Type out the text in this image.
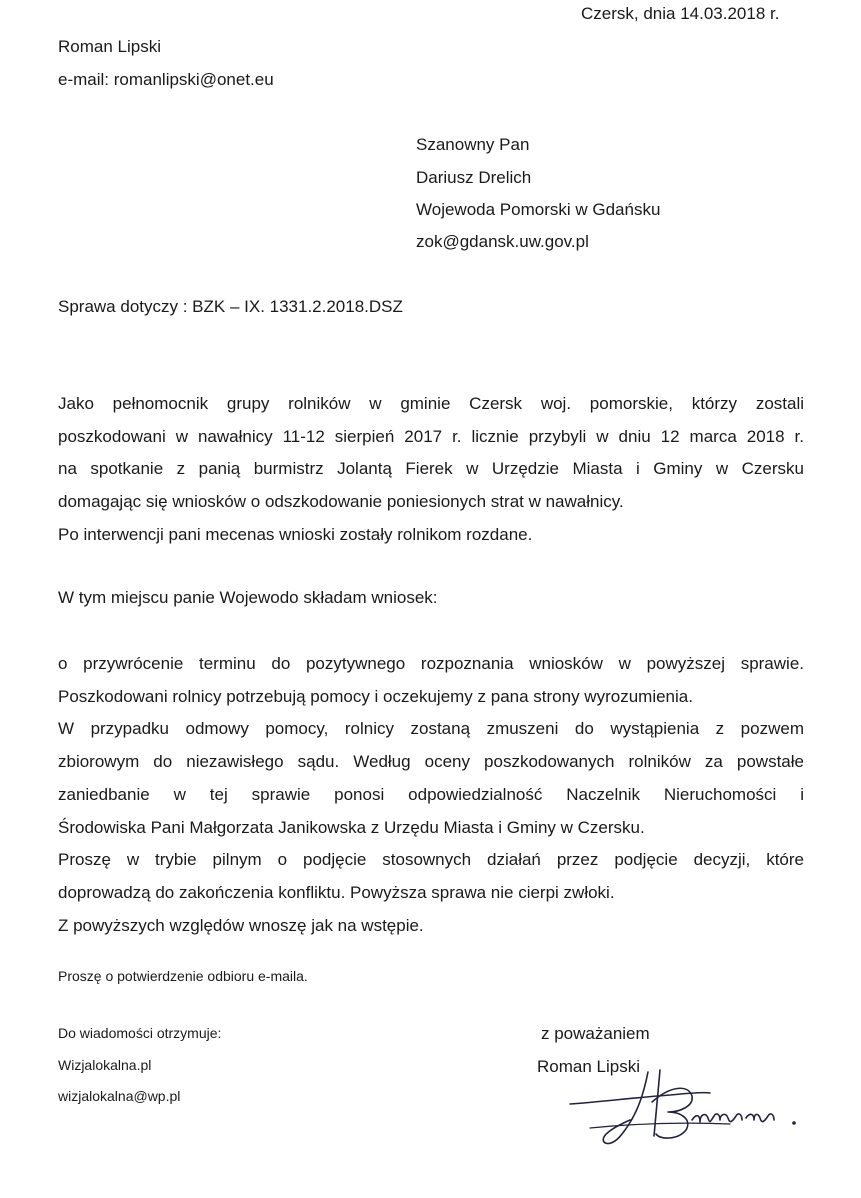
Czersk, dnia 14.03.2018 r.
Roman Lipski
e-mail: romanlipski@onet.eu
Szanowny Pan
Dariusz Drelich
Wojewoda Pomorski w Gdańsku
zok@gdansk.uw.gov.pl
Sprawa dotyczy : BZK – IX. 1331.2.2018.DSZ

Jako pełnomocnik grupy rolników w gminie Czersk woj. pomorskie, którzy zostali

poszkodowani w nawałnicy 11-12 sierpień 2017 r. licznie przybyli w dniu 12 marca 2018 r.

na spotkanie z panią burmistrz Jolantą Fierek w Urzędzie Miasta i Gminy w Czersku

domagając się wniosków o odszkodowanie poniesionych strat w nawałnicy.

Po interwencji pani mecenas wnioski zostały rolnikom rozdane.

W tym miejscu panie Wojewodo składam wniosek:

o przywrócenie terminu do pozytywnego rozpoznania wniosków w powyższej sprawie.

Poszkodowani rolnicy potrzebują pomocy i oczekujemy z pana strony wyrozumienia.

W przypadku odmowy pomocy, rolnicy zostaną zmuszeni do wystąpienia z pozwem

zbiorowym do niezawisłego sądu. Według oceny poszkodowanych rolników za powstałe

zaniedbanie w tej sprawie ponosi odpowiedzialność Naczelnik Nieruchomości i

Środowiska Pani Małgorzata Janikowska z Urzędu Miasta i Gminy w Czersku.

Proszę w trybie pilnym o podjęcie stosownych działań przez podjęcie decyzji, które

doprowadzą do zakończenia konfliktu. Powyższa sprawa nie cierpi zwłoki.

Z powyższych względów wnoszę jak na wstępie.

Proszę o potwierdzenie odbioru e-maila.
Do wiadomości otrzymuje:
Wizjalokalna.pl
wizjalokalna@wp.pl
z poważaniem
Roman Lipski
